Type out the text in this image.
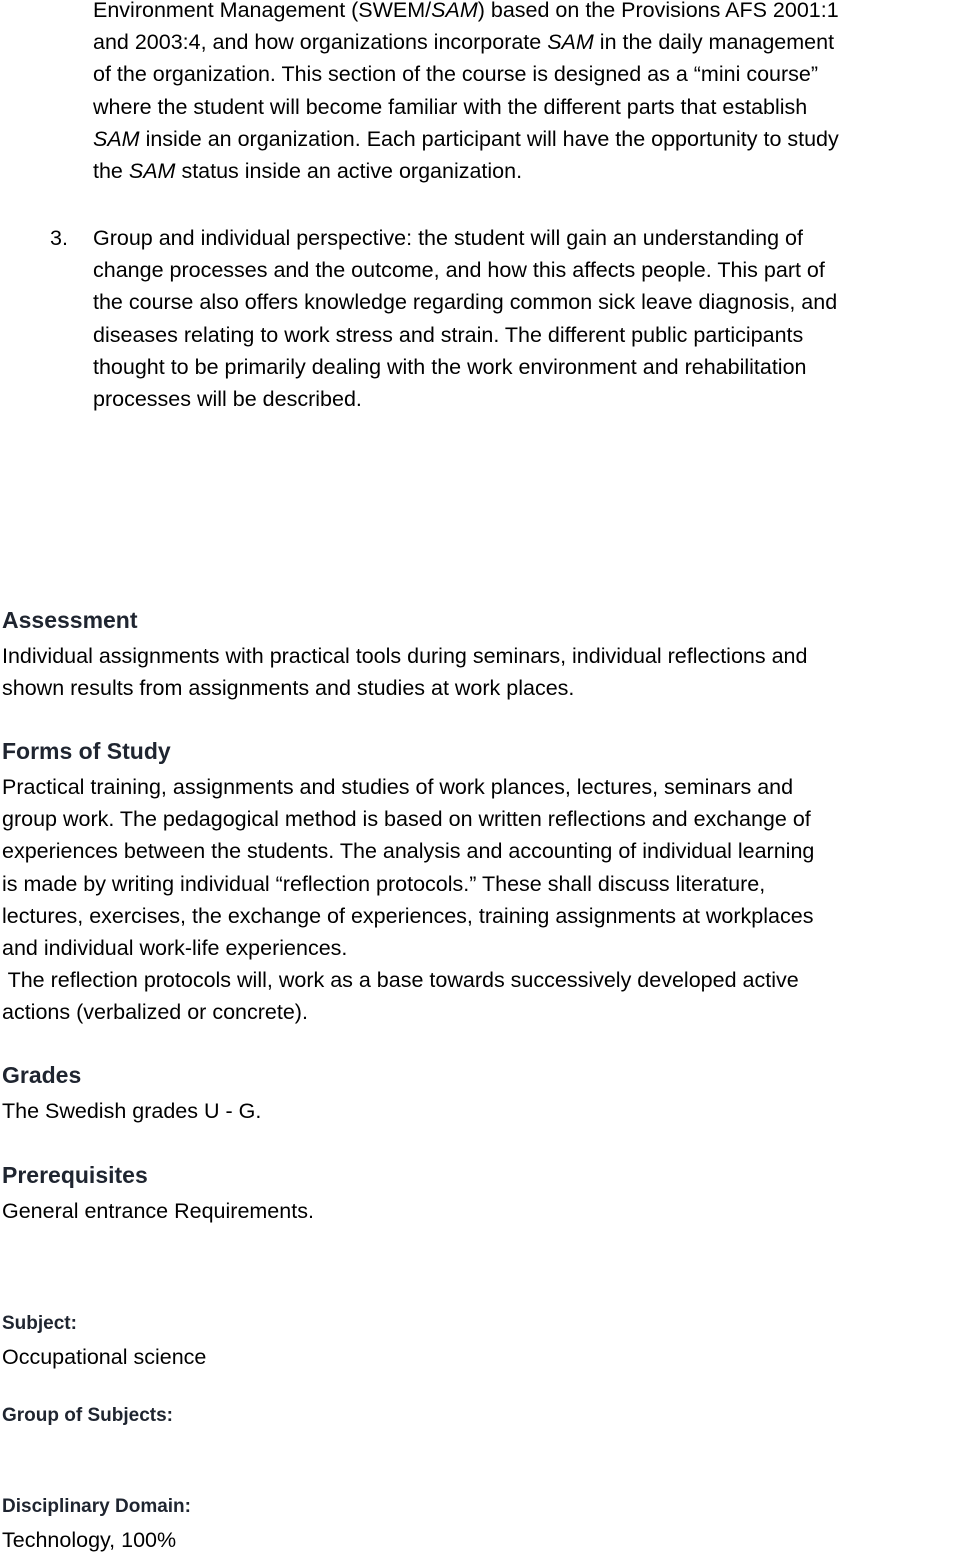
Environment Management (SWEM/SAM) based on the Provisions AFS 2001:1

and 2003:4, and how organizations incorporate SAM in the daily management

of the organization. This section of the course is designed as a “mini course”

where the student will become familiar with the different parts that establish

SAM inside an organization. Each participant will have the opportunity to study

the SAM status inside an active organization.

3. Group and individual perspective: the student will gain an understanding of

change processes and the outcome, and how this affects people. This part of

the course also offers knowledge regarding common sick leave diagnosis, and

diseases relating to work stress and strain. The different public participants

thought to be primarily dealing with the work environment and rehabilitation

processes will be described.

Assessment

Individual assignments with practical tools during seminars, individual reflections and

shown results from assignments and studies at work places.

Forms of Study

Practical training, assignments and studies of work plances, lectures, seminars and

group work. The pedagogical method is based on written reflections and exchange of

experiences between the students. The analysis and accounting of individual learning

is made by writing individual “reflection protocols.” These shall discuss literature,

lectures, exercises, the exchange of experiences, training assignments at workplaces

and individual work-life experiences.

The reflection protocols will, work as a base towards successively developed active

actions (verbalized or concrete).

Grades

The Swedish grades U - G.

Prerequisites

General entrance Requirements.

Subject:
Occupational science
Group of Subjects:
Disciplinary Domain:
Technology, 100%
